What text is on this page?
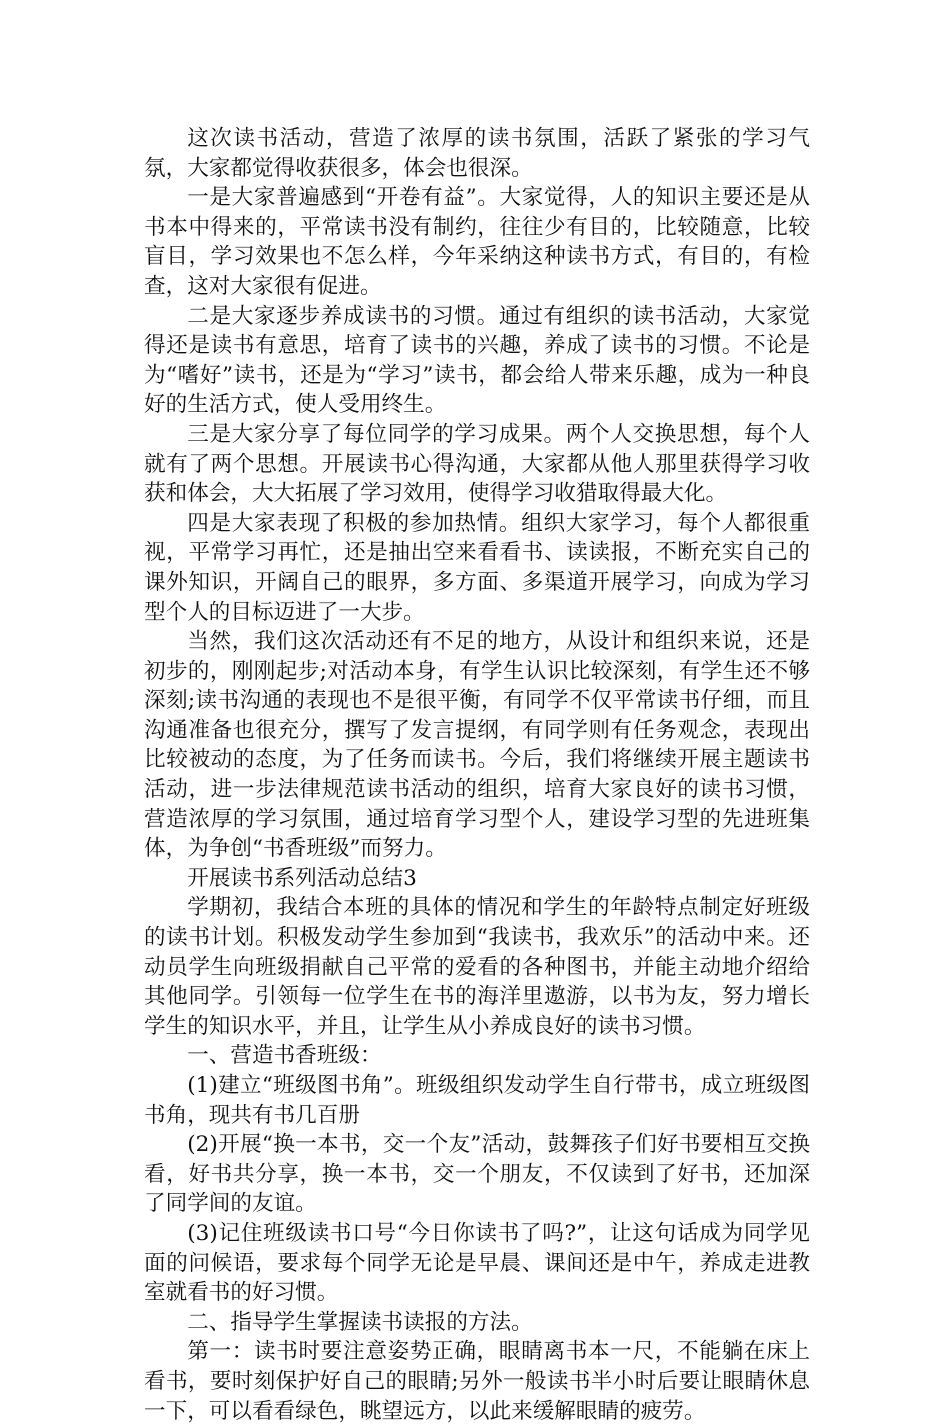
这次读书活动，营造了浓厚的读书氛围，活跃了紧张的学习气氛，大家都觉得收获很多，体会也很深。

一是大家普遍感到“开卷有益”。大家觉得，人的知识主要还是从书本中得来的，平常读书没有制约，往往少有目的，比较随意，比较盲目，学习效果也不怎么样，今年采纳这种读书方式，有目的，有检查，这对大家很有促进。

二是大家逐步养成读书的习惯。通过有组织的读书活动，大家觉得还是读书有意思，培育了读书的兴趣，养成了读书的习惯。不论是为“嗜好”读书，还是为“学习”读书，都会给人带来乐趣，成为一种良好的生活方式，使人受用终生。

三是大家分享了每位同学的学习成果。两个人交换思想，每个人就有了两个思想。开展读书心得沟通，大家都从他人那里获得学习收获和体会，大大拓展了学习效用，使得学习收猎取得最大化。

四是大家表现了积极的参加热情。组织大家学习，每个人都很重视，平常学习再忙，还是抽出空来看看书、读读报，不断充实自己的课外知识，开阔自己的眼界，多方面、多渠道开展学习，向成为学习型个人的目标迈进了一大步。

当然，我们这次活动还有不足的地方，从设计和组织来说，还是初步的，刚刚起步;对活动本身，有学生认识比较深刻，有学生还不够深刻;读书沟通的表现也不是很平衡，有同学不仅平常读书仔细，而且沟通准备也很充分，撰写了发言提纲，有同学则有任务观念，表现出比较被动的态度，为了任务而读书。今后，我们将继续开展主题读书活动，进一步法律规范读书活动的组织，培育大家良好的读书习惯，营造浓厚的学习氛围，通过培育学习型个人，建设学习型的先进班集体，为争创“书香班级”而努力。

开展读书系列活动总结3

学期初，我结合本班的具体的情况和学生的年龄特点制定好班级的读书计划。积极发动学生参加到“我读书，我欢乐”的活动中来。还动员学生向班级捐献自己平常的爱看的各种图书，并能主动地介绍给其他同学。引领每一位学生在书的海洋里遨游，以书为友，努力增长学生的知识水平，并且，让学生从小养成良好的读书习惯。

一、营造书香班级：

(1)建立“班级图书角”。班级组织发动学生自行带书，成立班级图书角，现共有书几百册

(2)开展“换一本书，交一个友”活动，鼓舞孩子们好书要相互交换看，好书共分享，换一本书，交一个朋友，不仅读到了好书，还加深了同学间的友谊。

(3)记住班级读书口号“今日你读书了吗?”，让这句话成为同学见面的问候语，要求每个同学无论是早晨、课间还是中午，养成走进教室就看书的好习惯。

二、指导学生掌握读书读报的方法。

第一：读书时要注意姿势正确，眼睛离书本一尺，不能躺在床上看书，要时刻保护好自己的眼睛;另外一般读书半小时后要让眼睛休息一下，可以看看绿色，眺望远方，以此来缓解眼睛的疲劳。
